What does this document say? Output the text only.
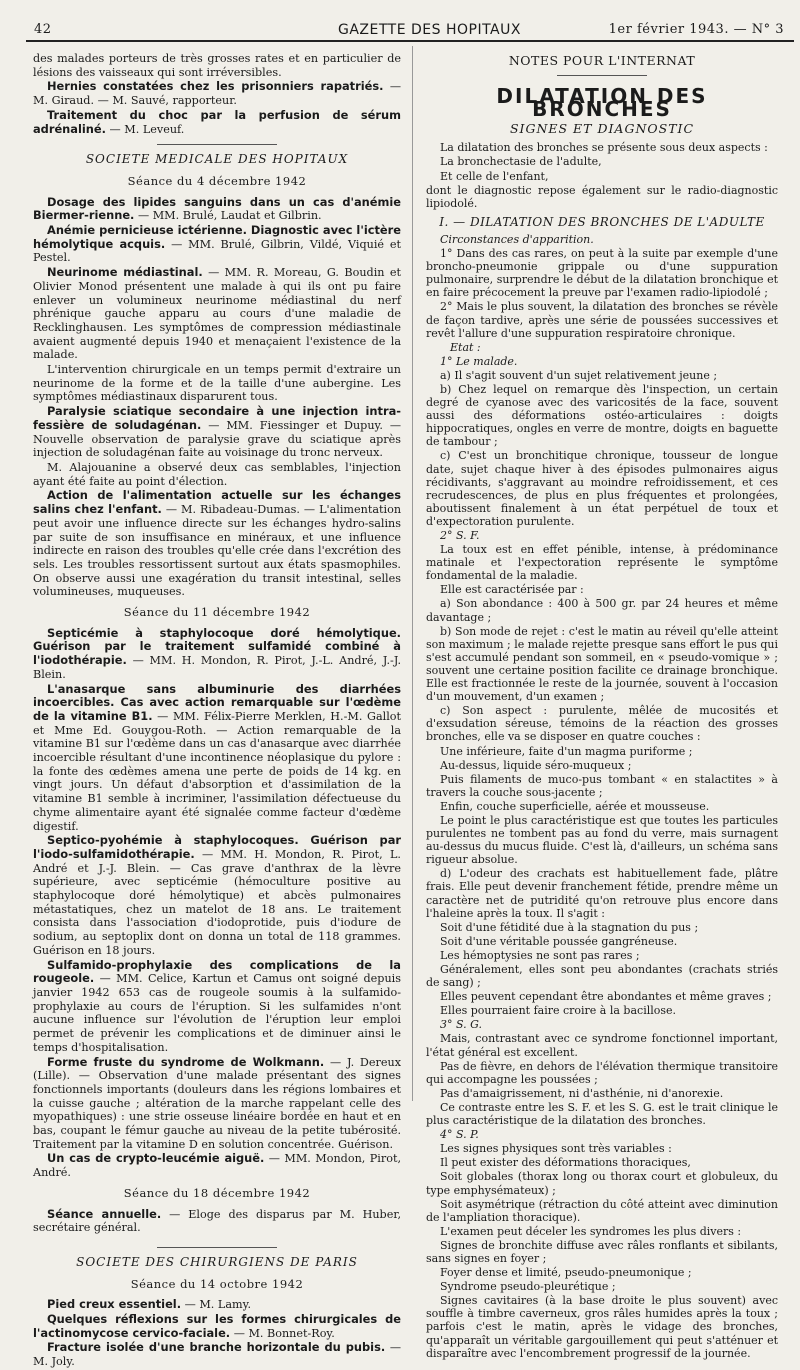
42	GAZETTE DES HOPITAUX	1er février 1943. — N° 3

des malades porteurs de très grosses rates et en particulier de lésions des vaisseaux qui sont irréversibles.

Hernies constatées chez les prisonniers rapatriés. — M. Giraud. — M. Sauvé, rapporteur.

Traitement du choc par la perfusion de sérum adrénaliné. — M. Leveuf.

SOCIETE MEDICALE DES HOPITAUX

Séance du 4 décembre 1942

Dosage des lipides sanguins dans un cas d'anémie Biermer-rienne. — MM. Brulé, Laudat et Gilbrin.

Anémie pernicieuse ictérienne. Diagnostic avec l'ictère hémolytique acquis. — MM. Brulé, Gilbrin, Vildé, Viquié et Pestel.

Neurinome médiastinal. — MM. R. Moreau, G. Boudin et Olivier Monod présentent une malade à qui ils ont pu faire enlever un volumineux neurinome médiastinal du nerf phrénique gauche apparu au cours d'une maladie de Recklinghausen. Les symptômes de compression médiastinale avaient augmenté depuis 1940 et menaçaient l'existence de la malade.

L'intervention chirurgicale en un temps permit d'extraire un neurinome de la forme et de la taille d'une aubergine. Les symptômes médiastinaux disparurent tous.

Paralysie sciatique secondaire à une injection intra-fessière de soludagénan. — MM. Fiessinger et Dupuy. — Nouvelle observation de paralysie grave du sciatique après injection de soludagénan faite au voisinage du tronc nerveux.

M. Alajouanine a observé deux cas semblables, l'injection ayant été faite au point d'élection.

Action de l'alimentation actuelle sur les échanges salins chez l'enfant. — M. Ribadeau-Dumas. — L'alimentation peut avoir une influence directe sur les échanges hydro-salins par suite de son insuffisance en minéraux, et une influence indirecte en raison des troubles qu'elle crée dans l'excrétion des sels. Les troubles ressortissent surtout aux états spasmophiles. On observe aussi une exagération du transit intestinal, selles volumineuses, muqueuses.

Séance du 11 décembre 1942

Septicémie à staphylocoque doré hémolytique. Guérison par le traitement sulfamidé combiné à l'iodothérapie. — MM. H. Mondon, R. Pirot, J.-L. André, J.-J. Blein.

L'anasarque sans albuminurie des diarrhées incoercibles. Cas avec action remarquable sur l'œdème de la vitamine B1. — MM. Félix-Pierre Merklen, H.-M. Gallot et Mme Ed. Gouygou-Roth. — Action remarquable de la vitamine B1 sur l'œdème dans un cas d'anasarque avec diarrhée incoercible résultant d'une incontinence néoplasique du pylore : la fonte des œdèmes amena une perte de poids de 14 kg. en vingt jours. Un défaut d'absorption et d'assimilation de la vitamine B1 semble à incriminer, l'assimilation défectueuse du chyme alimentaire ayant été signalée comme facteur d'œdème digestif.

Septico-pyohémie à staphylocoques. Guérison par l'iodo-sulfamidothérapie. — MM. H. Mondon, R. Pirot, L. André et J.-J. Blein. — Cas grave d'anthrax de la lèvre supérieure, avec septicémie (hémoculture positive au staphylocoque doré hémolytique) et abcès pulmonaires métastatiques, chez un matelot de 18 ans. Le traitement consista dans l'association d'iodoprotide, puis d'iodure de sodium, au septoplix dont on donna un total de 118 grammes. Guérison en 18 jours.

Sulfamido-prophylaxie des complications de la rougeole. — MM. Celice, Kartun et Camus ont soigné depuis janvier 1942 653 cas de rougeole soumis à la sulfamido-prophylaxie au cours de l'éruption. Si les sulfamides n'ont aucune influence sur l'évolution de l'éruption leur emploi permet de prévenir les complications et de diminuer ainsi le temps d'hospitalisation.

Forme fruste du syndrome de Wolkmann. — J. Dereux (Lille). — Observation d'une malade présentant des signes fonctionnels importants (douleurs dans les régions lombaires et la cuisse gauche ; altération de la marche rappelant celle des myopathiques) : une strie osseuse linéaire bordée en haut et en bas, coupant le fémur gauche au niveau de la petite tubérosité. Traitement par la vitamine D en solution concentrée. Guérison.

Un cas de crypto-leucémie aiguë. — MM. Mondon, Pirot, André.

Séance du 18 décembre 1942

Séance annuelle. — Eloge des disparus par M. Huber, secrétaire général.

SOCIETE DES CHIRURGIENS DE PARIS

Séance du 14 octobre 1942

Pied creux essentiel. — M. Lamy.

Quelques réflexions sur les formes chirurgicales de l'actinomycose cervico-faciale. — M. Bonnet-Roy.

Fracture isolée d'une branche horizontale du pubis. — M. Joly.

NOTES POUR L'INTERNAT

DILATATION DES BRONCHES

SIGNES ET DIAGNOSTIC

La dilatation des bronches se présente sous deux aspects :

La bronchectasie de l'adulte,

Et celle de l'enfant,

dont le diagnostic repose également sur le radio-diagnostic lipiodolé.

I. — DILATATION DES BRONCHES DE L'ADULTE

Circonstances d'apparition.

1° Dans des cas rares, on peut à la suite par exemple d'une broncho-pneumonie grippale ou d'une suppuration pulmonaire, surprendre le début de la dilatation bronchique et en faire précocement la preuve par l'examen radio-lipiodolé ;

2° Mais le plus souvent, la dilatation des bronches se révèle de façon tardive, après une série de poussées successives et revêt l'allure d'une suppuration respiratoire chronique.

Etat :

1° Le malade.

a) Il s'agit souvent d'un sujet relativement jeune ;

b) Chez lequel on remarque dès l'inspection, un certain degré de cyanose avec des varicosités de la face, souvent aussi des déformations ostéo-articulaires : doigts hippocratiques, ongles en verre de montre, doigts en baguette de tambour ;

c) C'est un bronchitique chronique, tousseur de longue date, sujet chaque hiver à des épisodes pulmonaires aigus récidivants, s'aggravant au moindre refroidissement, et ces recrudescences, de plus en plus fréquentes et prolongées, aboutissent finalement à un état perpétuel de toux et d'expectoration purulente.

2° S. F.

La toux est en effet pénible, intense, à prédominance matinale et l'expectoration représente le symptôme fondamental de la maladie.

Elle est caractérisée par :

a) Son abondance : 400 à 500 gr. par 24 heures et même davantage ;

b) Son mode de rejet : c'est le matin au réveil qu'elle atteint son maximum ; le malade rejette presque sans effort le pus qui s'est accumulé pendant son sommeil, en « pseudo-vomique » ; souvent une certaine position facilite ce drainage bronchique. Elle est fractionnée le reste de la journée, souvent à l'occasion d'un mouvement, d'un examen ;

c) Son aspect : purulente, mêlée de mucosités et d'exsudation séreuse, témoins de la réaction des grosses bronches, elle va se disposer en quatre couches :

Une inférieure, faite d'un magma puriforme ;

Au-dessus, liquide séro-muqueux ;

Puis filaments de muco-pus tombant « en stalactites » à travers la couche sous-jacente ;

Enfin, couche superficielle, aérée et mousseuse.

Le point le plus caractéristique est que toutes les particules purulentes ne tombent pas au fond du verre, mais surnagent au-dessus du mucus fluide. C'est là, d'ailleurs, un schéma sans rigueur absolue.

d) L'odeur des crachats est habituellement fade, plâtre frais. Elle peut devenir franchement fétide, prendre même un caractère net de putridité qu'on retrouve plus encore dans l'haleine après la toux. Il s'agit :

Soit d'une fétidité due à la stagnation du pus ;

Soit d'une véritable poussée gangréneuse.

Les hémoptysies ne sont pas rares ;

Généralement, elles sont peu abondantes (crachats striés de sang) ;

Elles peuvent cependant être abondantes et même graves ;

Elles pourraient faire croire à la bacillose.

3° S. G.

Mais, contrastant avec ce syndrome fonctionnel important, l'état général est excellent.

Pas de fièvre, en dehors de l'élévation thermique transitoire qui accompagne les poussées ;

Pas d'amaigrissement, ni d'asthénie, ni d'anorexie.

Ce contraste entre les S. F. et les S. G. est le trait clinique le plus caractéristique de la dilatation des bronches.

4° S. P.

Les signes physiques sont très variables :

Il peut exister des déformations thoraciques,

Soit globales (thorax long ou thorax court et globuleux, du type emphysémateux) ;

Soit asymétrique (rétraction du côté atteint avec diminution de l'ampliation thoracique).

L'examen peut déceler les syndromes les plus divers :

Signes de bronchite diffuse avec râles ronflants et sibilants, sans signes en foyer ;

Foyer dense et limité, pseudo-pneumonique ;

Syndrome pseudo-pleurétique ;

Signes cavitaires (à la base droite le plus souvent) avec souffle à timbre caverneux, gros râles humides après la toux ; parfois c'est le matin, après le vidage des bronches, qu'apparaît un véritable gargouillement qui peut s'atténuer et disparaître avec l'encombrement progressif de la journée.
